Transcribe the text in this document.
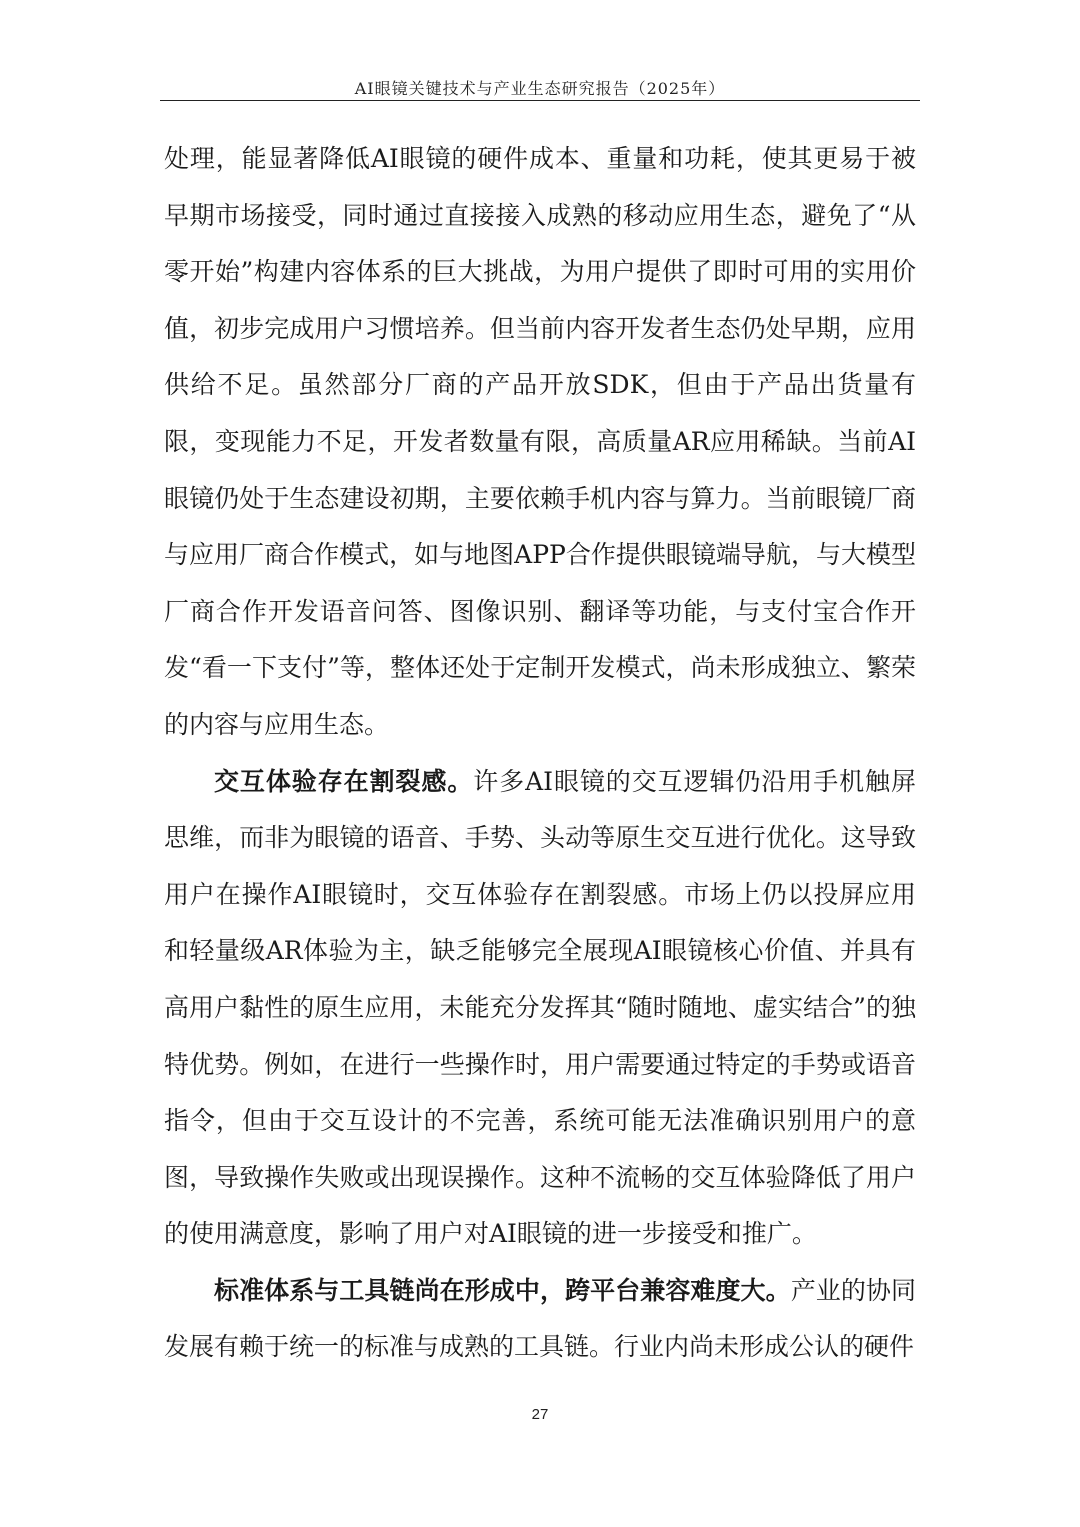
AI眼镜关键技术与产业生态研究报告（2025年）

处理，能显著降低AI眼镜的硬件成本、重量和功耗，使其更易于被早期市场接受，同时通过直接接入成熟的移动应用生态，避免了“从零开始”构建内容体系的巨大挑战，为用户提供了即时可用的实用价值，初步完成用户习惯培养。但当前内容开发者生态仍处早期，应用供给不足。虽然部分厂商的产品开放SDK，但由于产品出货量有限，变现能力不足，开发者数量有限，高质量AR应用稀缺。当前AI眼镜仍处于生态建设初期，主要依赖手机内容与算力。当前眼镜厂商与应用厂商合作模式，如与地图APP合作提供眼镜端导航，与大模型厂商合作开发语音问答、图像识别、翻译等功能，与支付宝合作开发“看一下支付”等，整体还处于定制开发模式，尚未形成独立、繁荣的内容与应用生态。

交互体验存在割裂感。许多AI眼镜的交互逻辑仍沿用手机触屏思维，而非为眼镜的语音、手势、头动等原生交互进行优化。这导致用户在操作AI眼镜时，交互体验存在割裂感。市场上仍以投屏应用和轻量级AR体验为主，缺乏能够完全展现AI眼镜核心价值、并具有高用户黏性的原生应用，未能充分发挥其“随时随地、虚实结合”的独特优势。例如，在进行一些操作时，用户需要通过特定的手势或语音指令，但由于交互设计的不完善，系统可能无法准确识别用户的意图，导致操作失败或出现误操作。这种不流畅的交互体验降低了用户的使用满意度，影响了用户对AI眼镜的进一步接受和推广。

标准体系与工具链尚在形成中，跨平台兼容难度大。产业的协同发展有赖于统一的标准与成熟的工具链。行业内尚未形成公认的硬件

27
